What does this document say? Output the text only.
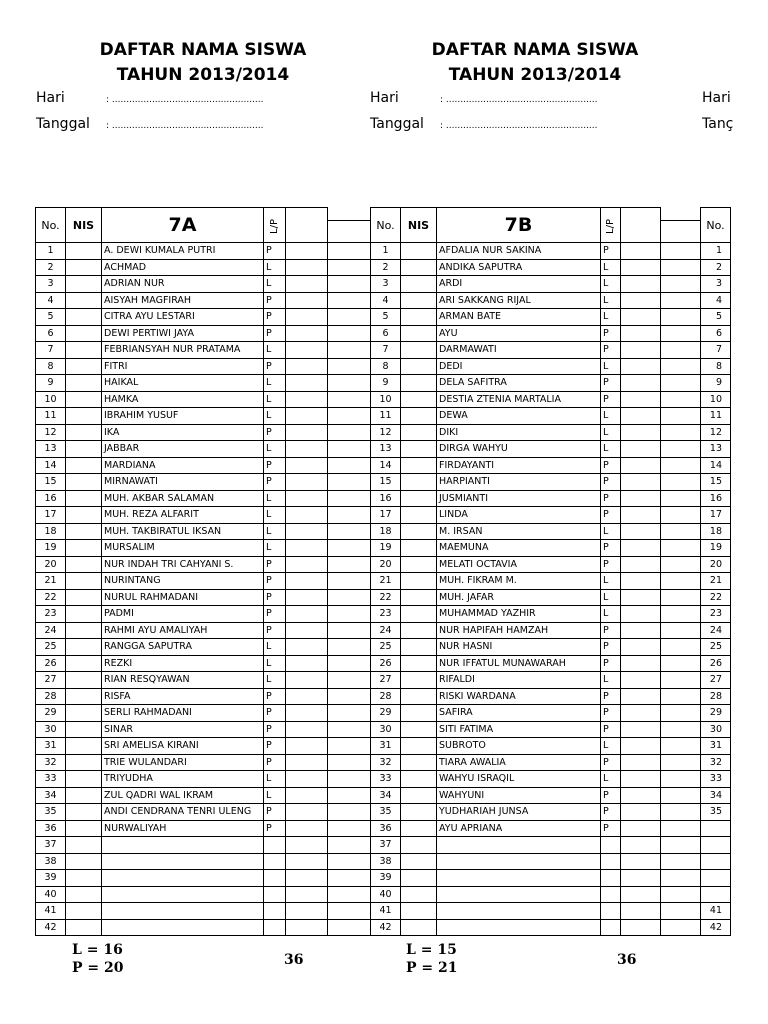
DAFTAR NAMA SISWA
TAHUN 2013/2014
DAFTAR NAMA SISWA
TAHUN 2013/2014
Hari	: .....................................................
Tanggal : .....................................................
Hari	: .....................................................
Tanggal : .....................................................
Hari
Tanç
No.	NIS	7A	L/P			No.	NIS	7B	L/P			No.
1		A. DEWI KUMALA PUTRI	P			1		AFDALIA NUR SAKINA	P			1
2		ACHMAD	L			2		ANDIKA SAPUTRA	L			2
3		ADRIAN NUR	L			3		ARDI	L			3
4		AISYAH MAGFIRAH	P			4		ARI SAKKANG RIJAL	L			4
5		CITRA AYU LESTARI	P			5		ARMAN BATE	L			5
6		DEWI PERTIWI JAYA	P			6		AYU	P			6
7		FEBRIANSYAH NUR PRATAMA	L			7		DARMAWATI	P			7
8		FITRI	P			8		DEDI	L			8
9		HAIKAL	L			9		DELA SAFITRA	P			9
10		HAMKA	L			10		DESTIA ZTENIA MARTALIA	P			10
11		IBRAHIM YUSUF	L			11		DEWA	L			11
12		IKA	P			12		DIKI	L			12
13		JABBAR	L			13		DIRGA WAHYU	L			13
14		MARDIANA	P			14		FIRDAYANTI	P			14
15		MIRNAWATI	P			15		HARPIANTI	P			15
16		MUH. AKBAR SALAMAN	L			16		JUSMIANTI	P			16
17		MUH. REZA ALFARIT	L			17		LINDA	P			17
18		MUH. TAKBIRATUL IKSAN	L			18		M. IRSAN	L			18
19		MURSALIM	L			19		MAEMUNA	P			19
20		NUR INDAH TRI CAHYANI S.	P			20		MELATI OCTAVIA	P			20
21		NURINTANG	P			21		MUH. FIKRAM M.	L			21
22		NURUL RAHMADANI	P			22		MUH. JAFAR	L			22
23		PADMI	P			23		MUHAMMAD YAZHIR	L			23
24		RAHMI AYU AMALIYAH	P			24		NUR HAPIFAH HAMZAH	P			24
25		RANGGA SAPUTRA	L			25		NUR HASNI	P			25
26		REZKI	L			26		NUR IFFATUL MUNAWARAH	P			26
27		RIAN RESQYAWAN	L			27		RIFALDI	L			27
28		RISFA	P			28		RISKI WARDANA	P			28
29		SERLI RAHMADANI	P			29		SAFIRA	P			29
30		SINAR	P			30		SITI FATIMA	P			30
31		SRI AMELISA KIRANI	P			31		SUBROTO	L			31
32		TRIE WULANDARI	P			32		TIARA AWALIA	P			32
33		TRIYUDHA	L			33		WAHYU ISRAQIL	L			33
34		ZUL QADRI WAL IKRAM	L			34		WAHYUNI	P			34
35		ANDI CENDRANA TENRI ULENG	P			35		YUDHARIAH JUNSA	P			35
36		NURWALIYAH	P			36		AYU APRIANA	P			
37						37						
38						38						
39						39						
40						40						
41						41						41
42						42						42
L = 16
P = 20	36
L = 15
P = 21	36
